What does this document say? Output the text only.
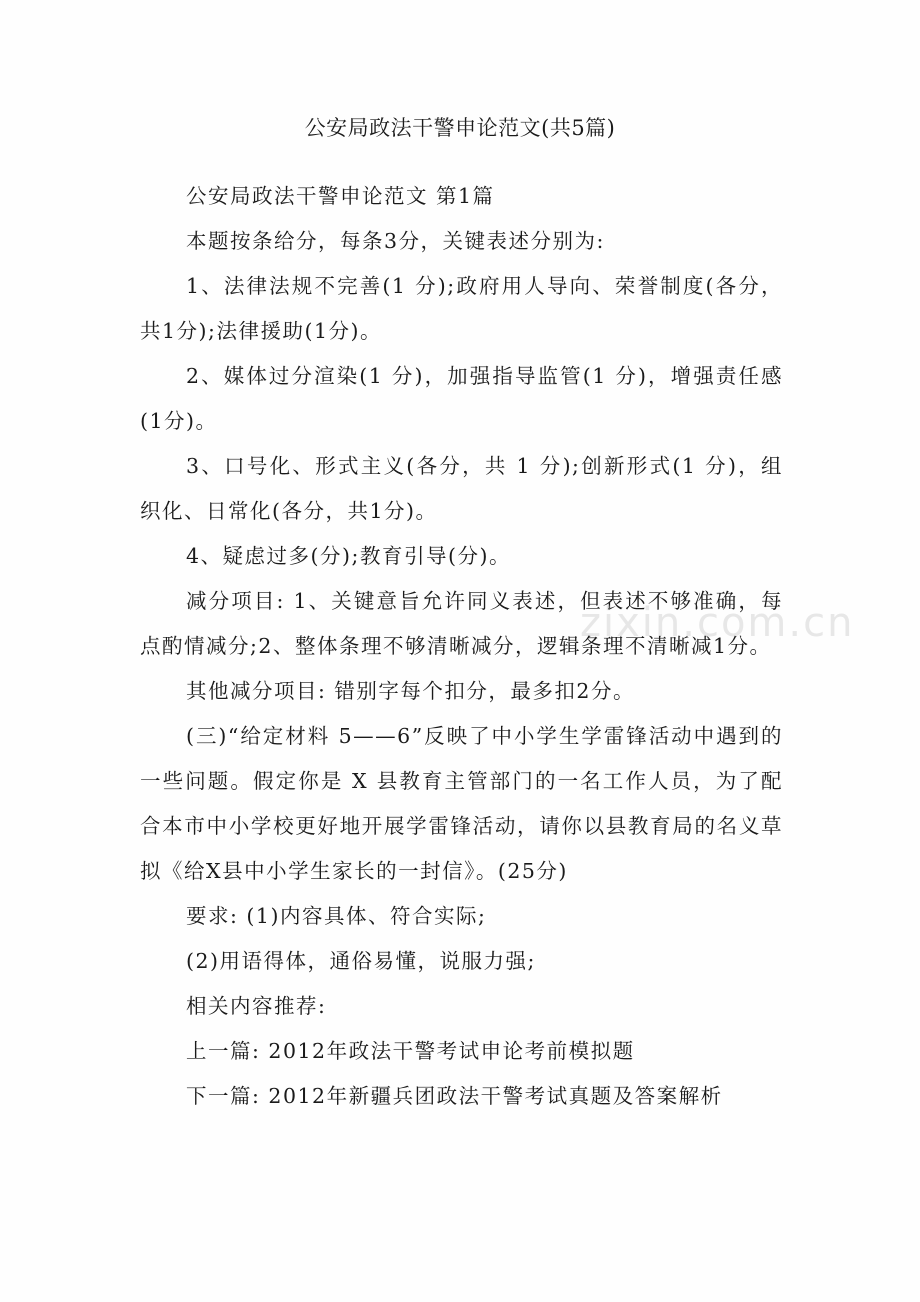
公安局政法干警申论范文(共5篇)

公安局政法干警申论范文 第1篇

本题按条给分，每条3分，关键表述分别为:

1、法律法规不完善(1 分);政府用人导向、荣誉制度(各分，共1分);法律援助(1分)。

2、媒体过分渲染(1 分)，加强指导监管(1 分)，增强责任感(1分)。

3、口号化、形式主义(各分，共 1 分);创新形式(1 分)，组织化、日常化(各分，共1分)。

4、疑虑过多(分);教育引导(分)。

减分项目: 1、关键意旨允许同义表述，但表述不够准确，每点酌情减分;2、整体条理不够清晰减分，逻辑条理不清晰减1分。

其他减分项目: 错别字每个扣分，最多扣2分。

(三)“给定材料 5——6”反映了中小学生学雷锋活动中遇到的一些问题。假定你是 X 县教育主管部门的一名工作人员，为了配合本市中小学校更好地开展学雷锋活动，请你以县教育局的名义草拟《给X县中小学生家长的一封信》。(25分)

要求: (1)内容具体、符合实际;

(2)用语得体，通俗易懂，说服力强;

相关内容推荐:

上一篇: 2012年政法干警考试申论考前模拟题

下一篇: 2012年新疆兵团政法干警考试真题及答案解析

zixin.com.cn
